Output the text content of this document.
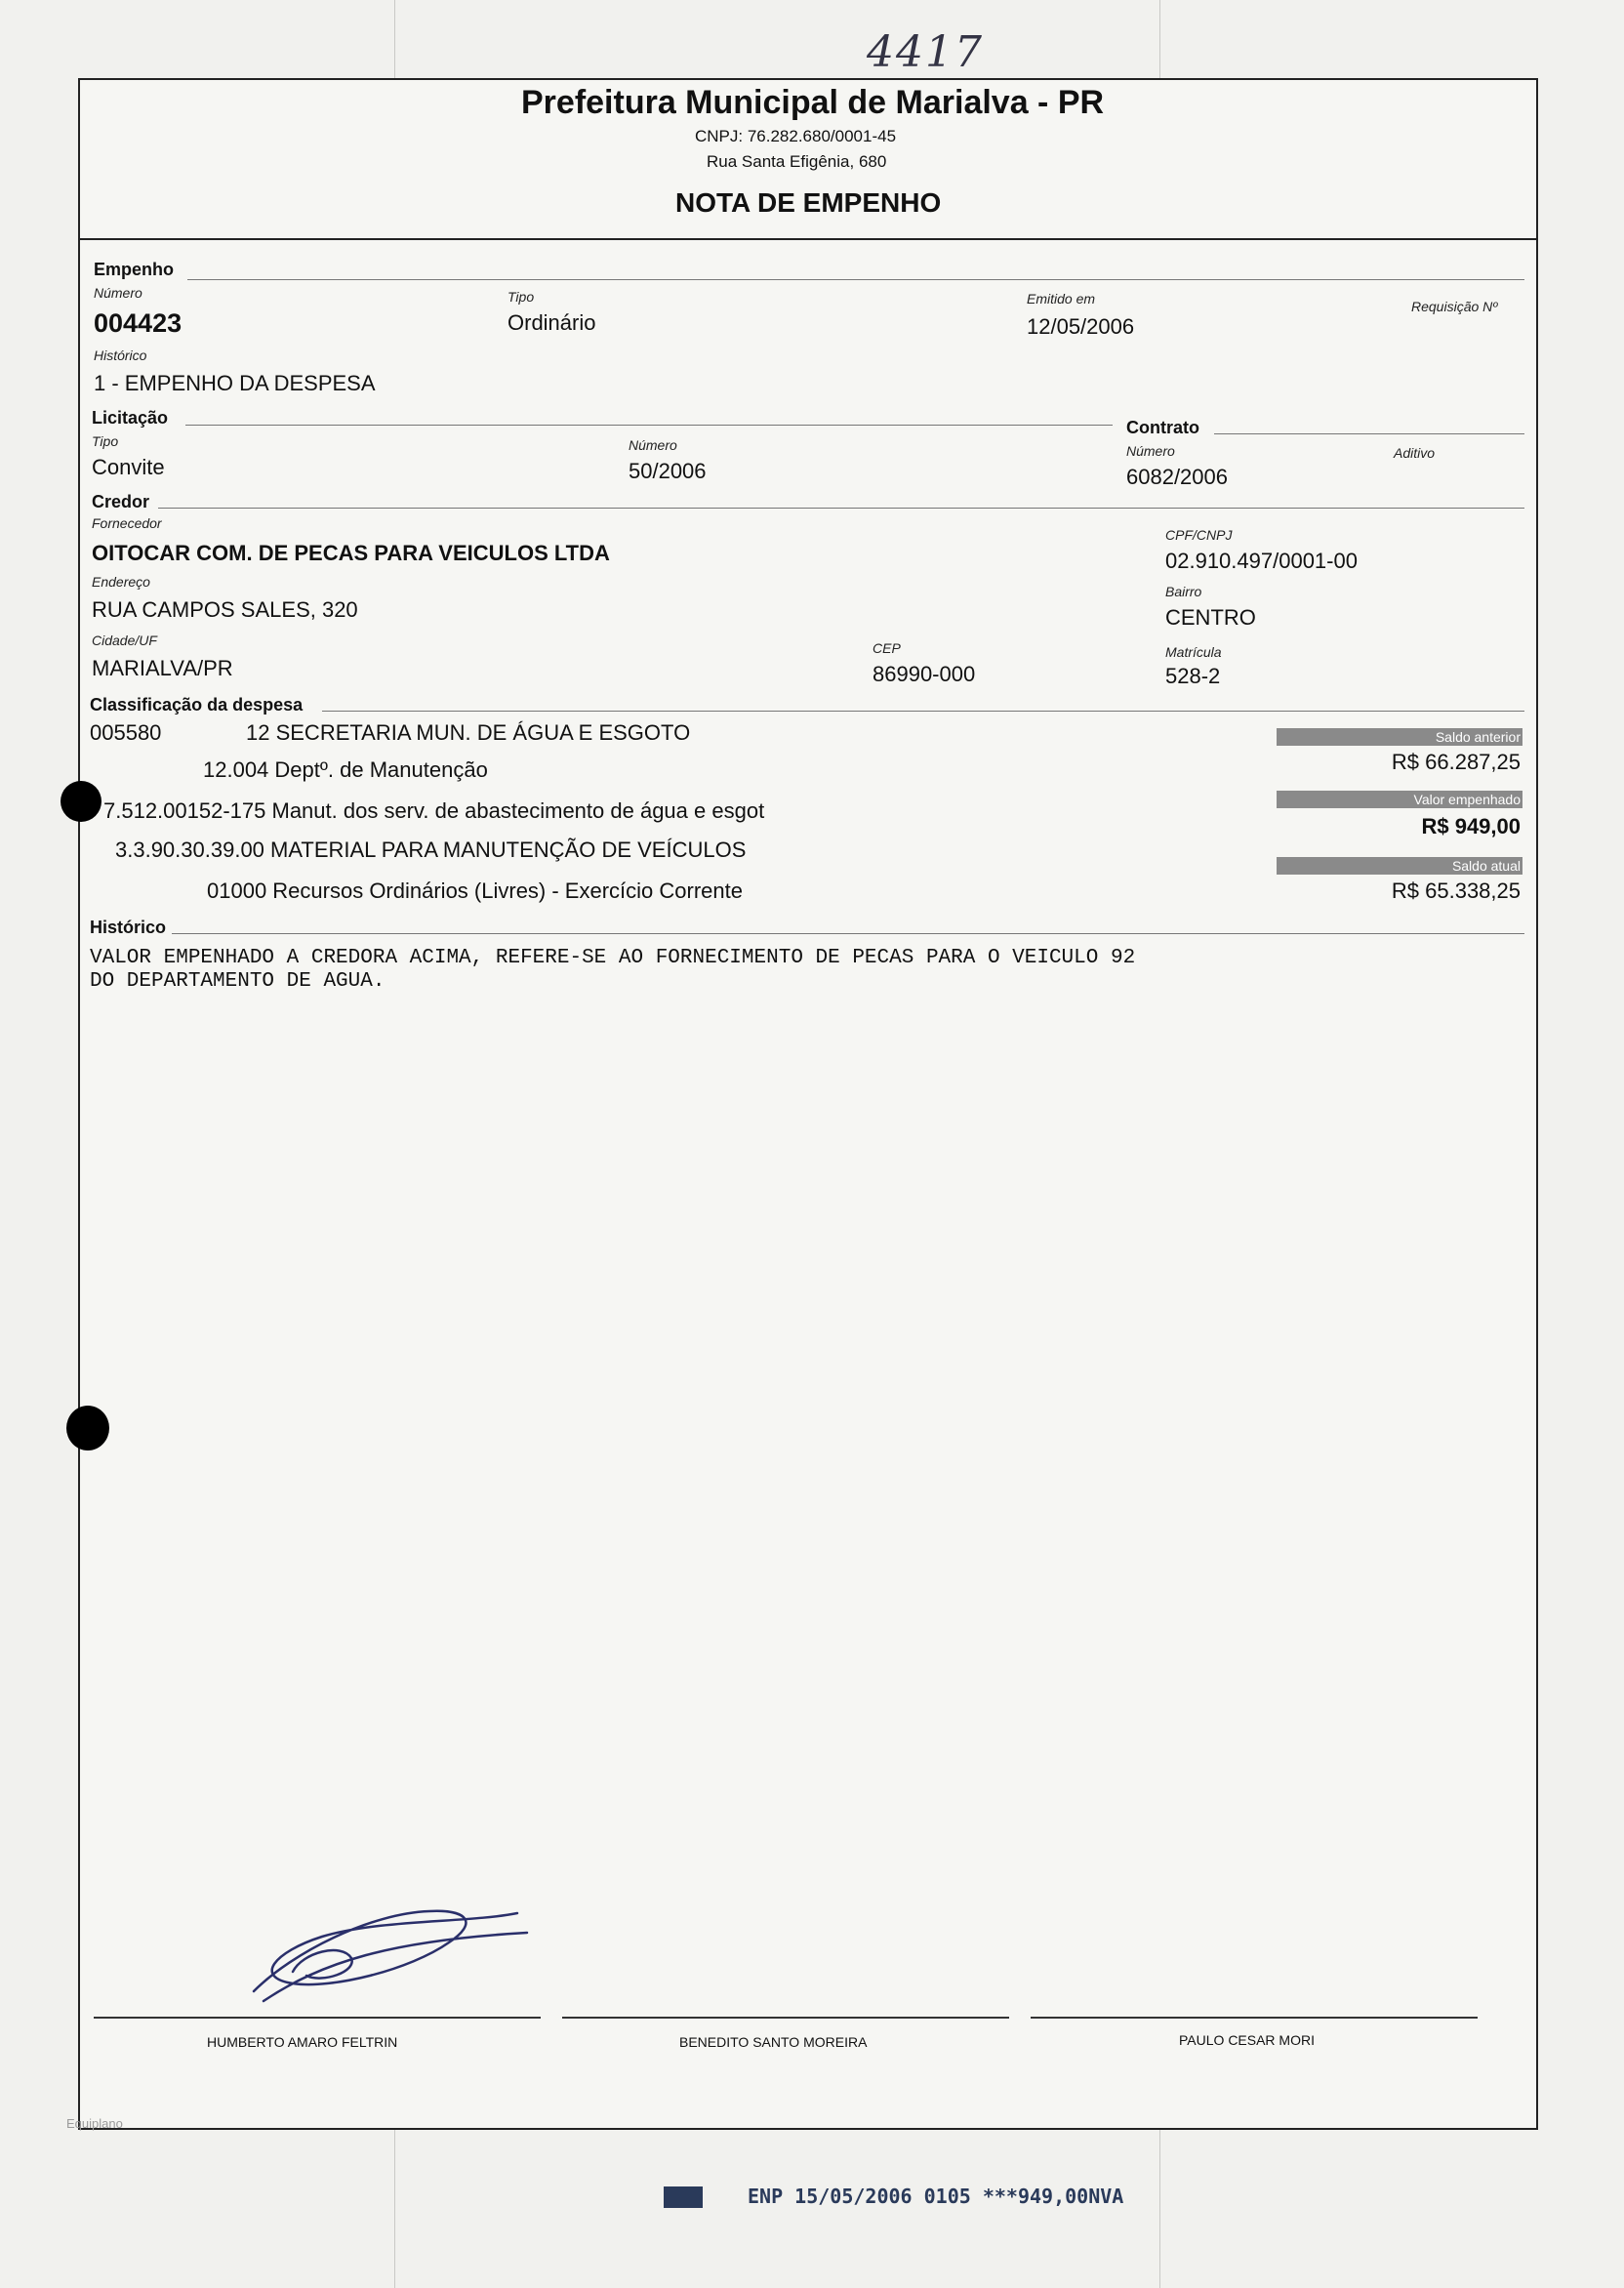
4417
Prefeitura Municipal de Marialva - PR
CNPJ: 76.282.680/0001-45
Rua Santa Efigênia, 680
NOTA DE EMPENHO
Empenho
Número
004423
Tipo
Ordinário
Emitido em
12/05/2006
Requisição Nº
Histórico
1 - EMPENHO DA DESPESA
Licitação
Tipo
Convite
Número
50/2006
Contrato
Número
6082/2006
Aditivo
Credor
Fornecedor
OITOCAR COM. DE PECAS PARA VEICULOS LTDA
CPF/CNPJ
02.910.497/0001-00
Endereço
RUA CAMPOS SALES, 320
Bairro
CENTRO
Cidade/UF
MARIALVA/PR
CEP
86990-000
Matrícula
528-2
Classificação da despesa
005580	12 SECRETARIA MUN. DE ÁGUA E ESGOTO
12.004 Deptº. de Manutenção
7.512.00152-175 Manut. dos serv. de abastecimento de água e esgot
3.3.90.30.39.00 MATERIAL PARA MANUTENÇÃO DE VEÍCULOS
01000 Recursos Ordinários (Livres) - Exercício Corrente
Saldo anterior
R$ 66.287,25
Valor empenhado
R$ 949,00
Saldo atual
R$ 65.338,25
Histórico
VALOR EMPENHADO A CREDORA ACIMA, REFERE-SE AO FORNECIMENTO DE PECAS PARA O VEICULO 92
DO DEPARTAMENTO DE AGUA.
HUMBERTO AMARO FELTRIN	BENEDITO SANTO MOREIRA	PAULO CESAR MORI
Equiplano
ENP 15/05/2006 0105 ***949,00NVA
